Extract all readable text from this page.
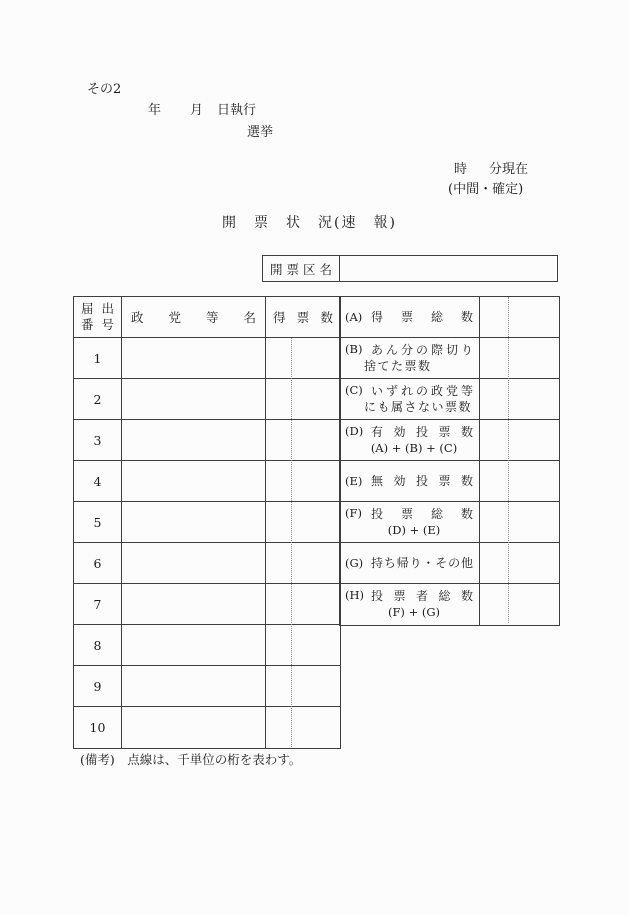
その2
年 月 日執行
選挙
時 分現在
(中間・確定)
開　票　状　況(速　報)
開票区名
届出
番号	政党等名	得票数
1
2
3
4
5
6
7
8
9
10
(A) 得票総数
(B) あん分の際切り
捨てた票数
(C) いずれの政党等
にも属さない票数
(D) 有効投票数
(A) + (B) + (C)
(E) 無効投票数
(F) 投票総数
(D) + (E)
(G) 持ち帰り・その他
(H) 投票者総数
(F) + (G)
(備考)　点線は、千単位の桁を表わす。
